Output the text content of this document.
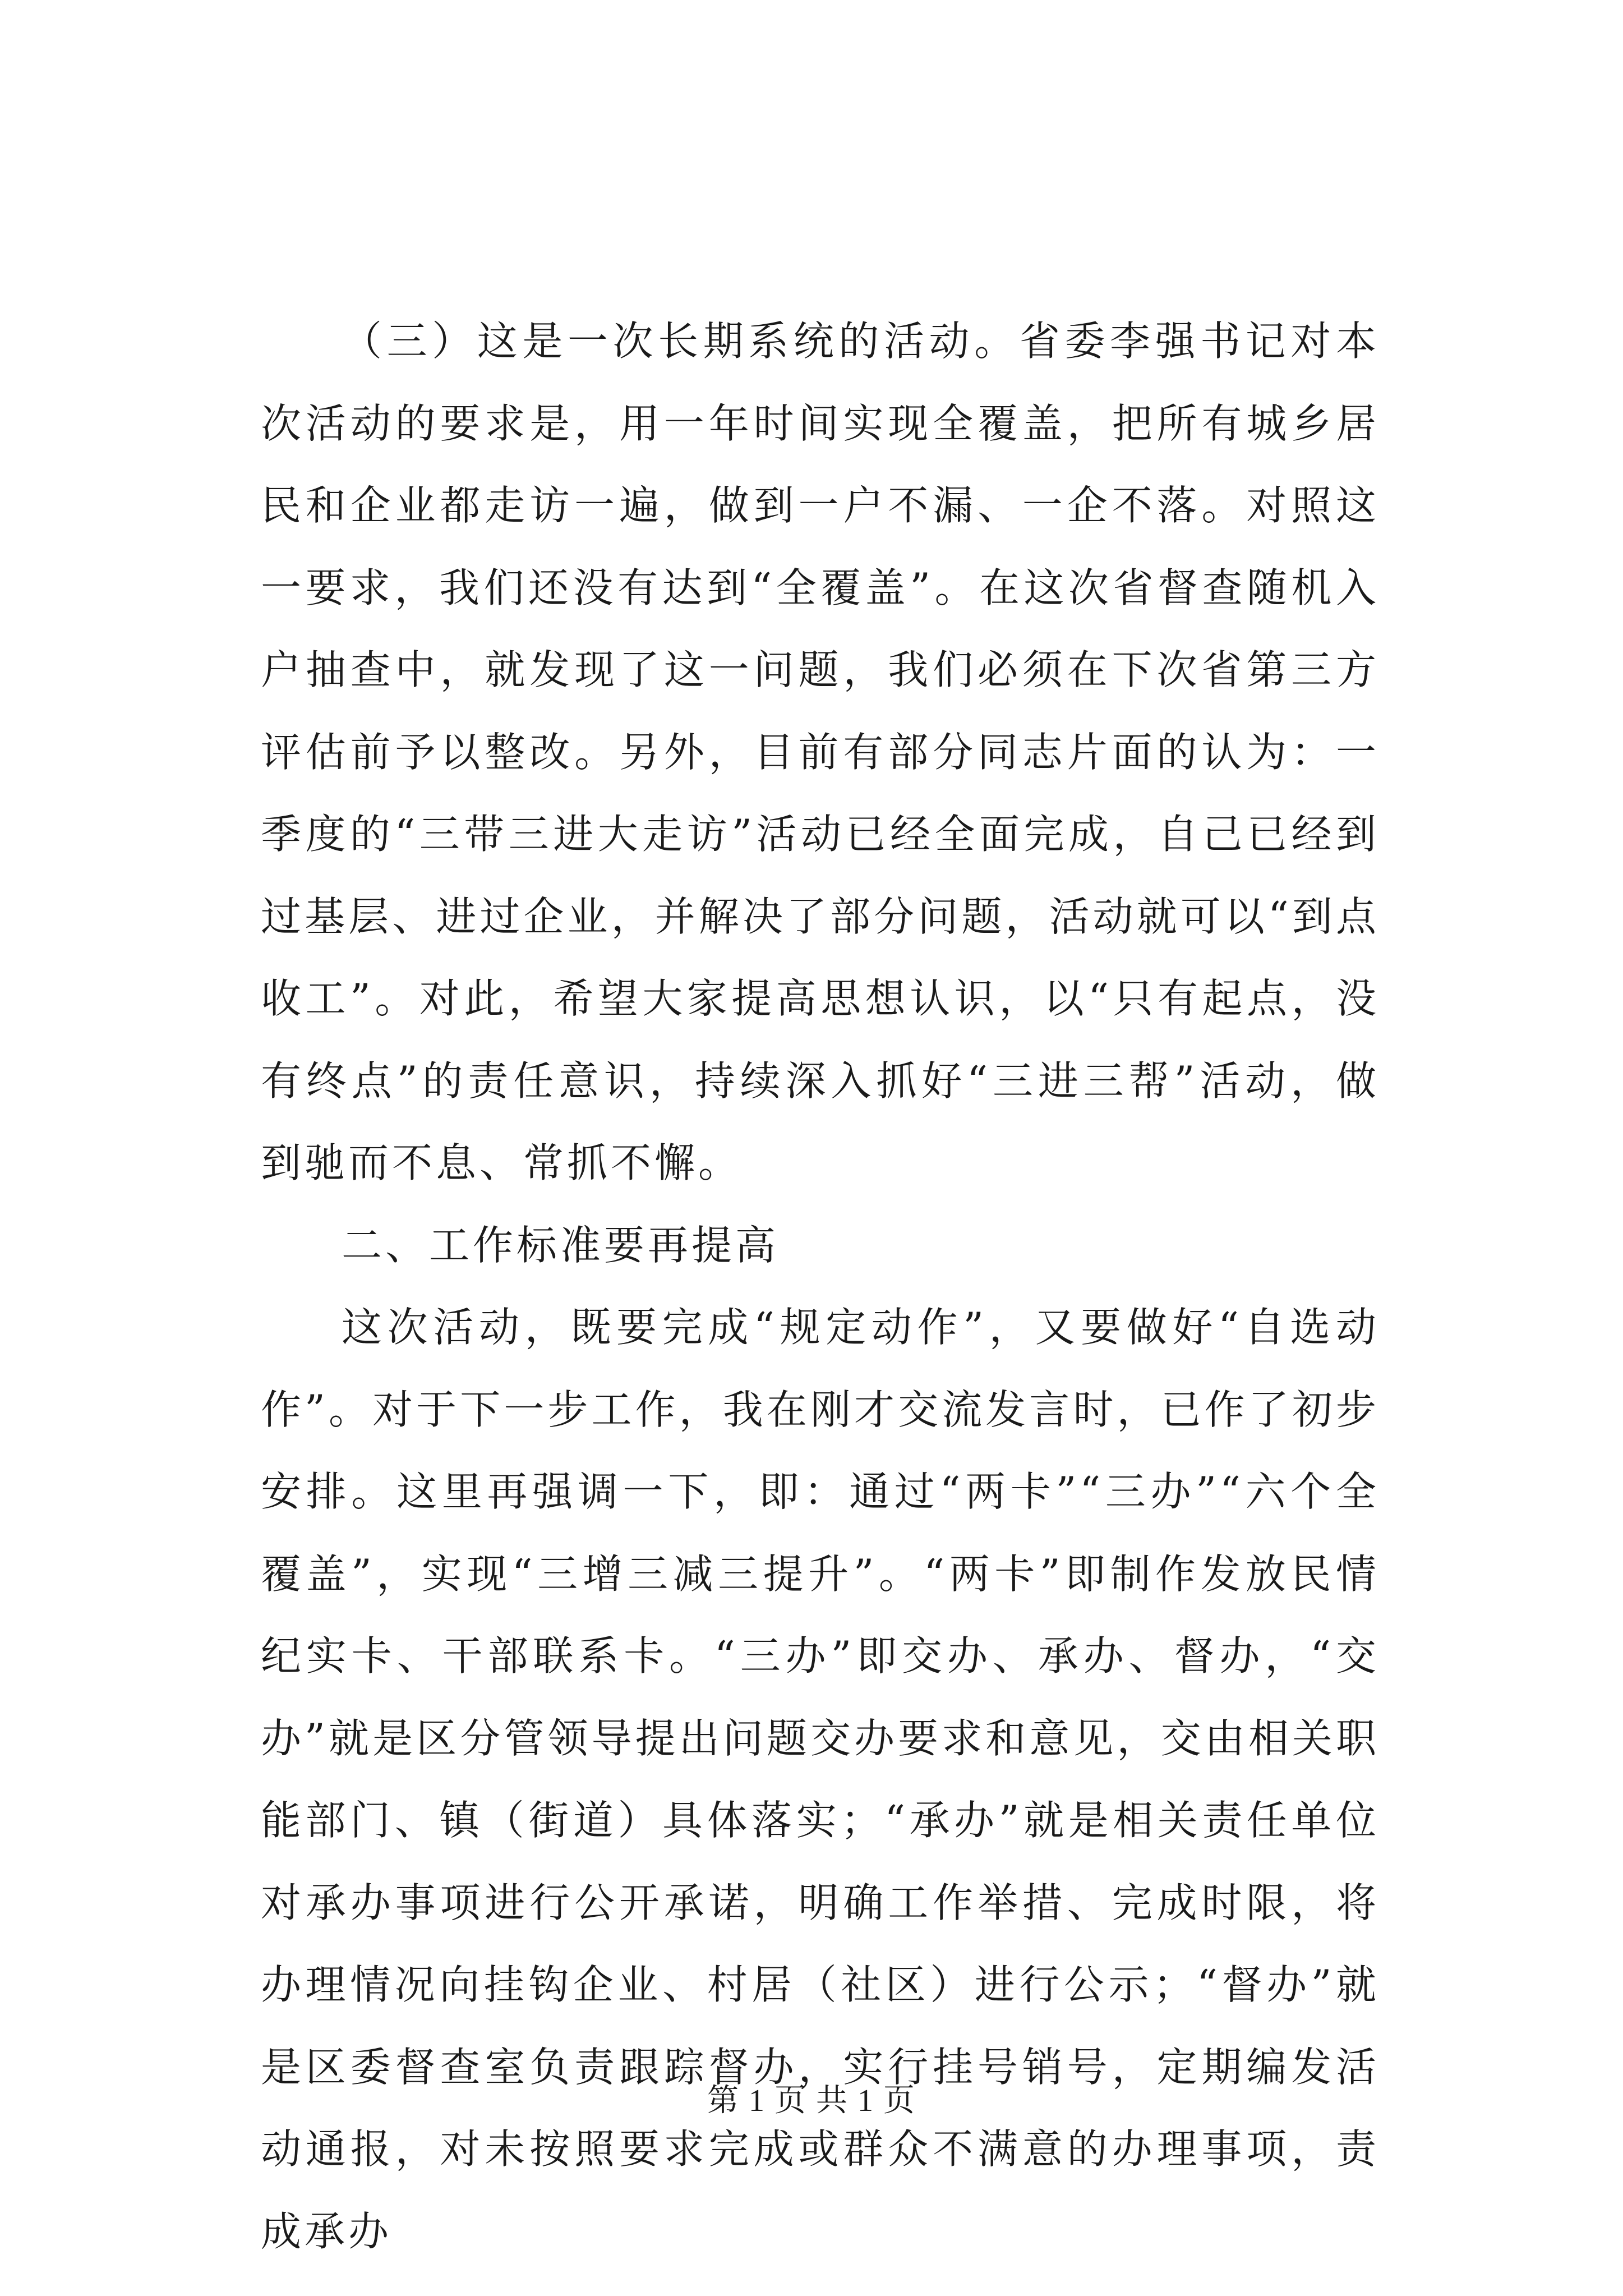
（三）这是一次长期系统的活动。省委李强书记对本次活动的要求是，用一年时间实现全覆盖，把所有城乡居民和企业都走访一遍，做到一户不漏、一企不落。对照这一要求，我们还没有达到“全覆盖”。在这次省督查随机入户抽查中，就发现了这一问题，我们必须在下次省第三方评估前予以整改。另外，目前有部分同志片面的认为：一季度的“三带三进大走访”活动已经全面完成，自己已经到过基层、进过企业，并解决了部分问题，活动就可以“到点收工”。对此，希望大家提高思想认识，以“只有起点，没有终点”的责任意识，持续深入抓好“三进三帮”活动，做到驰而不息、常抓不懈。

二、工作标准要再提高

这次活动，既要完成“规定动作”，又要做好“自选动作”。对于下一步工作，我在刚才交流发言时，已作了初步安排。这里再强调一下，即：通过“两卡”“三办”“六个全覆盖”，实现“三增三减三提升”。“两卡”即制作发放民情纪实卡、干部联系卡。“三办”即交办、承办、督办，“交办”就是区分管领导提出问题交办要求和意见，交由相关职能部门、镇（街道）具体落实；“承办”就是相关责任单位对承办事项进行公开承诺，明确工作举措、完成时限，将办理情况向挂钩企业、村居（社区）进行公示；“督办”就是区委督查室负责跟踪督办，实行挂号销号，定期编发活动通报，对未按照要求完成或群众不满意的办理事项，责成承办

第 1 页 共 1 页
